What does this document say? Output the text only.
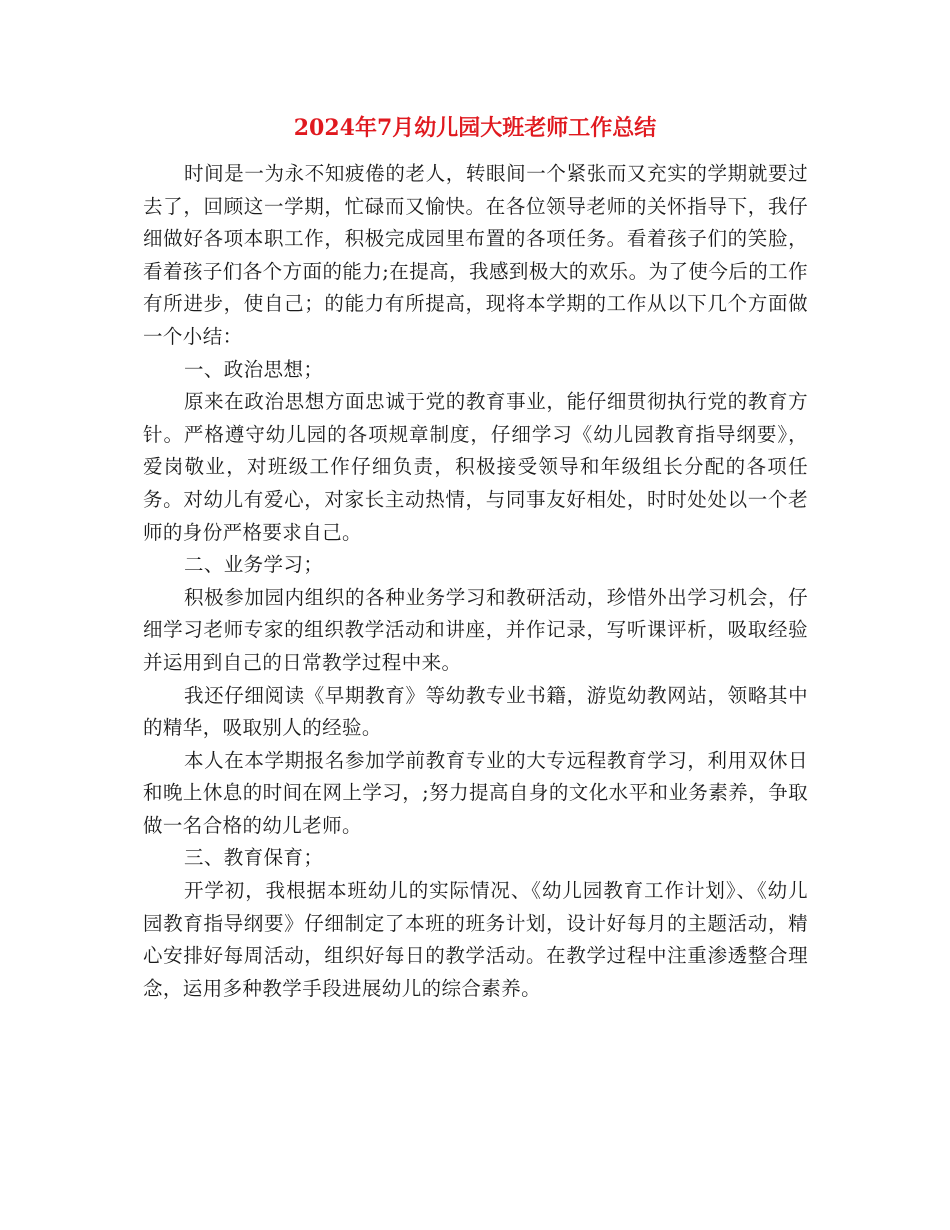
2024年7月幼儿园大班老师工作总结

时间是一为永不知疲倦的老人，转眼间一个紧张而又充实的学期就要过去了，回顾这一学期，忙碌而又愉快。在各位领导老师的关怀指导下，我仔细做好各项本职工作，积极完成园里布置的各项任务。看着孩子们的笑脸，看着孩子们各个方面的能力;在提高，我感到极大的欢乐。为了使今后的工作有所进步，使自己；的能力有所提高，现将本学期的工作从以下几个方面做一个小结：

一、政治思想；

原来在政治思想方面忠诚于党的教育事业，能仔细贯彻执行党的教育方针。严格遵守幼儿园的各项规章制度，仔细学习《幼儿园教育指导纲要》，爱岗敬业，对班级工作仔细负责，积极接受领导和年级组长分配的各项任务。对幼儿有爱心，对家长主动热情，与同事友好相处，时时处处以一个老师的身份严格要求自己。

二、业务学习；

积极参加园内组织的各种业务学习和教研活动，珍惜外出学习机会，仔细学习老师专家的组织教学活动和讲座，并作记录，写听课评析，吸取经验并运用到自己的日常教学过程中来。

我还仔细阅读《早期教育》等幼教专业书籍，游览幼教网站，领略其中的精华，吸取别人的经验。

本人在本学期报名参加学前教育专业的大专远程教育学习，利用双休日和晚上休息的时间在网上学习，;努力提高自身的文化水平和业务素养，争取做一名合格的幼儿老师。

三、教育保育；

开学初，我根据本班幼儿的实际情况、《幼儿园教育工作计划》、《幼儿园教育指导纲要》仔细制定了本班的班务计划，设计好每月的主题活动，精心安排好每周活动，组织好每日的教学活动。在教学过程中注重渗透整合理念，运用多种教学手段进展幼儿的综合素养。
